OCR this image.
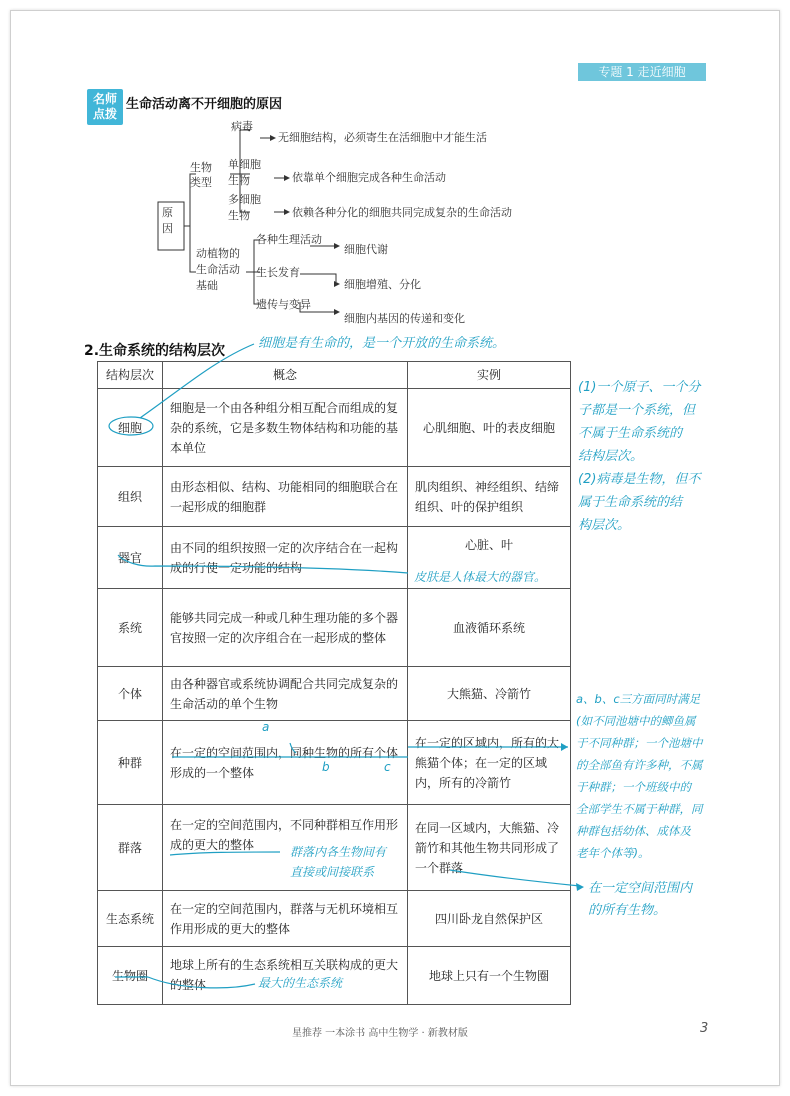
专题 1 走近细胞
名师
点拨
生命活动离不开细胞的原因
原因
生物类型
动植物的生命活动基础
病毒
无细胞结构，必须寄生在活细胞中才能生活
单细胞生物	依靠单个细胞完成各种生命活动
多细胞生物	依赖各种分化的细胞共同完成复杂的生命活动
各种生理活动
细胞代谢
生长发育
细胞增殖、分化
遗传与变异
细胞内基因的传递和变化
2.生命系统的结构层次	细胞是有生命的，是一个开放的生命系统。
结构层次	概念	实例
细胞	细胞是一个由各种组分相互配合而组成的复杂的系统，它是多数生物体结构和功能的基本单位	心肌细胞、叶的表皮细胞
组织	由形态相似、结构、功能相同的细胞联合在一起形成的细胞群	肌肉组织、神经组织、结缔组织、叶的保护组织
器官	由不同的组织按照一定的次序结合在一起构成的行使一定功能的结构	心脏、叶
系统	能够共同完成一种或几种生理功能的多个器官按照一定的次序组合在一起形成的整体	血液循环系统
个体	由各种器官或系统协调配合共同完成复杂的生命活动的单个生物	大熊猫、冷箭竹
种群	在一定的空间范围内，同种生物的所有个体形成的一个整体	在一定的区域内，所有的大熊猫个体；在一定的区域内，所有的冷箭竹
群落	在一定的空间范围内，不同种群相互作用形成的更大的整体	在同一区域内，大熊猫、冷箭竹和其他生物共同形成了一个群落
生态系统	在一定的空间范围内，群落与无机环境相互作用形成的更大的整体	四川卧龙自然保护区
生物圈	地球上所有的生态系统相互关联构成的更大的整体	地球上只有一个生物圈
(1)一个原子、一个分
子都是一个系统，但
不属于生命系统的
结构层次。
(2)病毒是生物，但不
属于生命系统的结
构层次。
皮肤是人体最大的器官。
a
b	c
a、b、c三方面同时满足
(如不同池塘中的鲫鱼属
于不同种群；一个池塘中
的全部鱼有许多种，不属
于种群；一个班级中的
全部学生不属于种群，同
种群包括幼体、成体及
老年个体等)。
群落内各生物间有
直接或间接联系
在一定空间范围内
的所有生物。
最大的生态系统
星推荐 一本涂书 高中生物学 · 新教材版	3
